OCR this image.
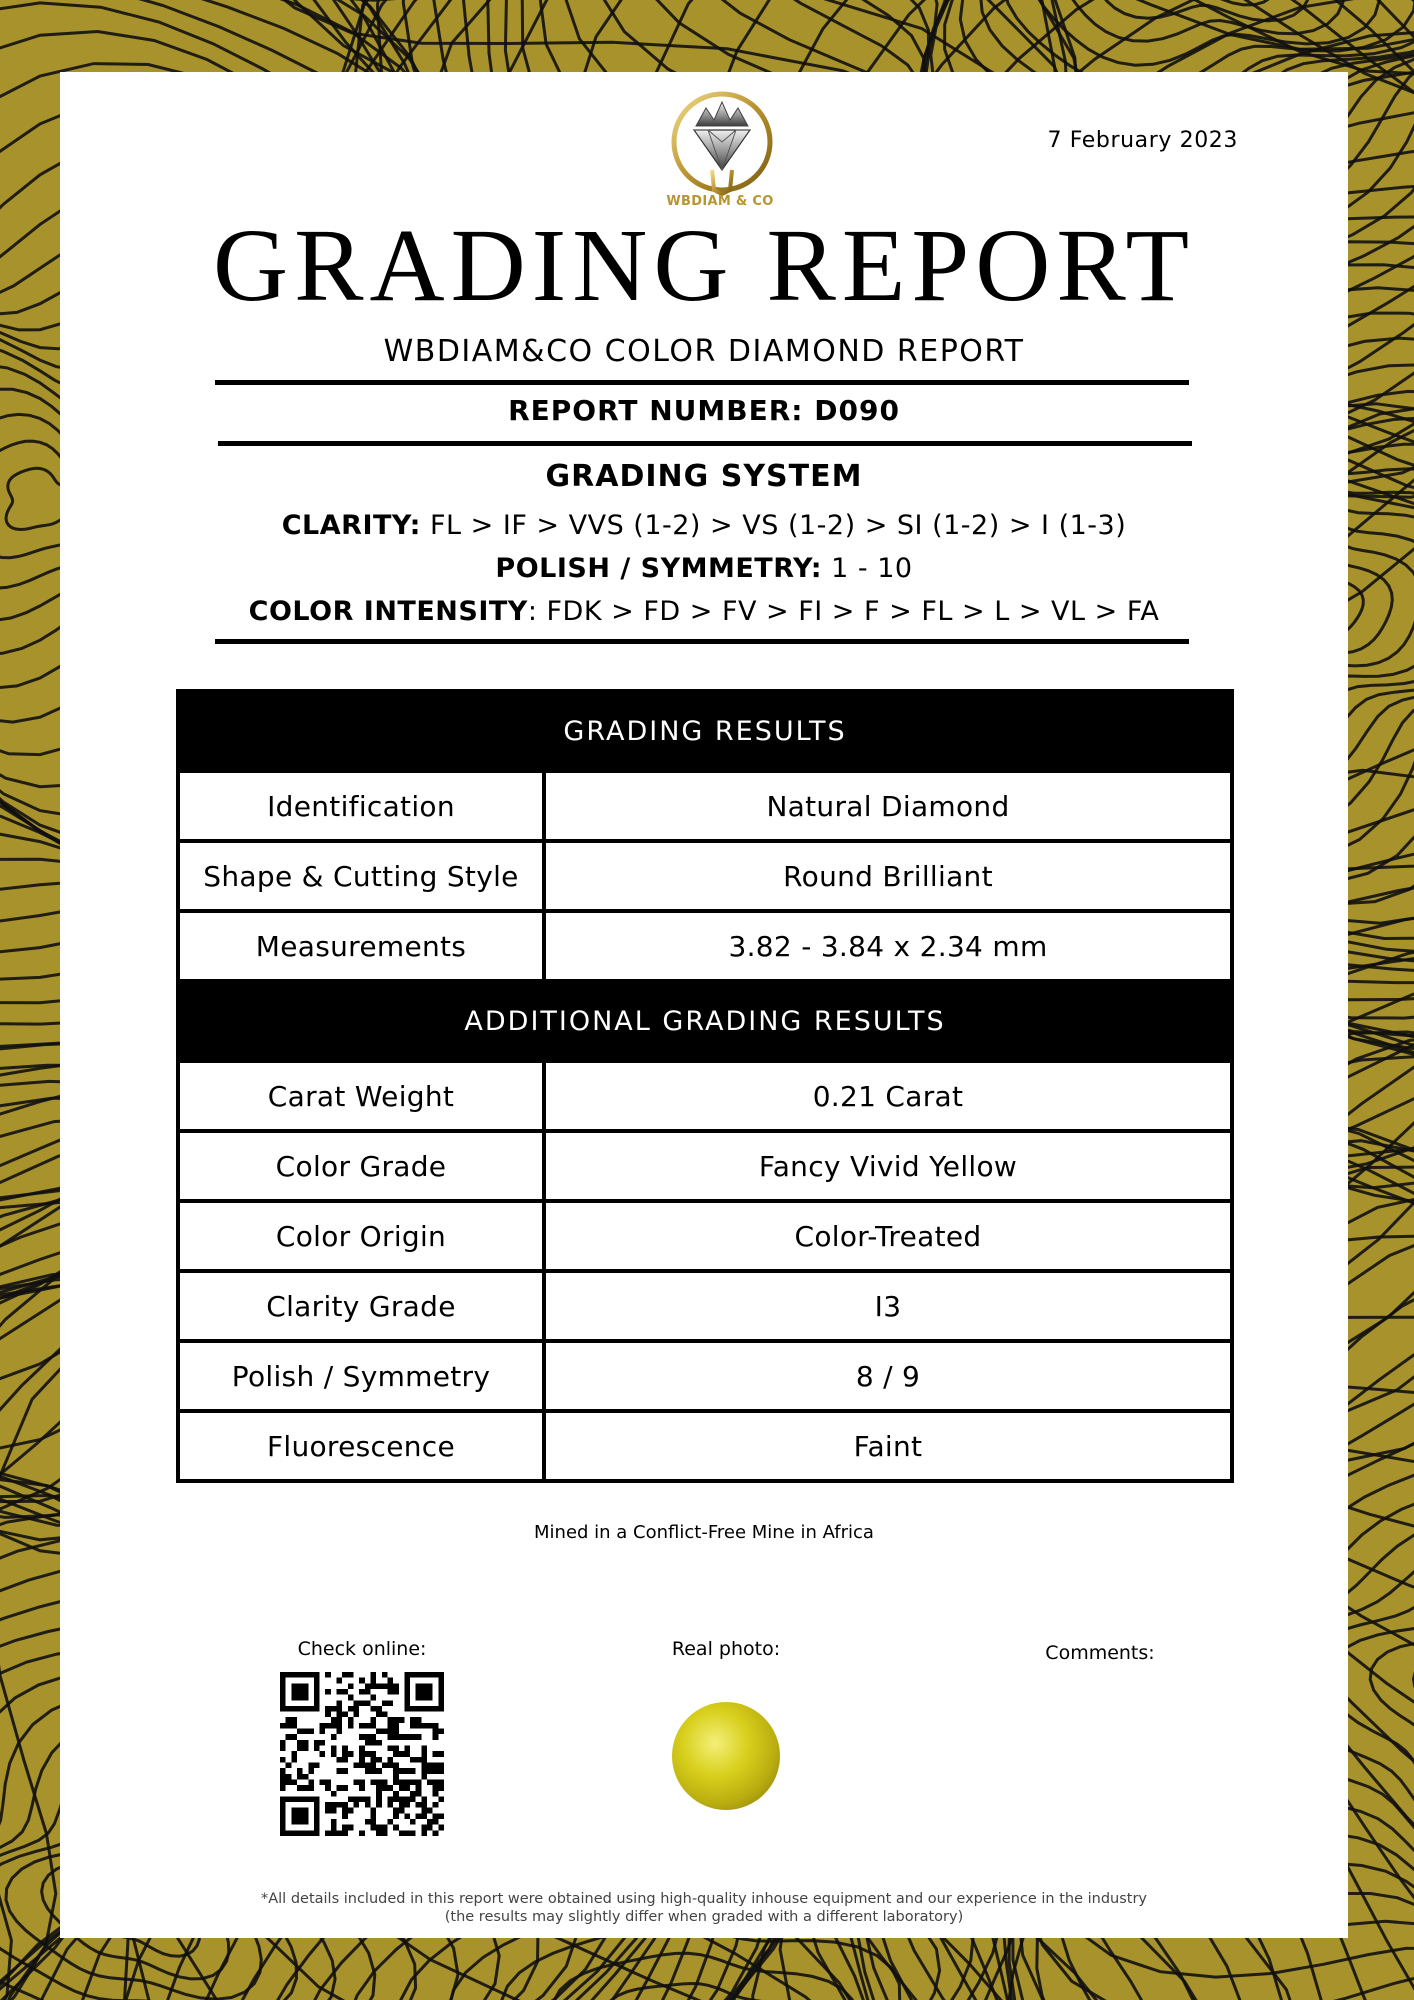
WBDIAM & CO
7 February 2023
GRADING REPORT
WBDIAM&CO COLOR DIAMOND REPORT
REPORT NUMBER: D090
GRADING SYSTEM
CLARITY: FL > IF > VVS (1-2) > VS (1-2) > SI (1-2) > I (1-3)
POLISH / SYMMETRY: 1 - 10
COLOR INTENSITY: FDK > FD > FV > FI > F > FL > L > VL > FA
GRADING RESULTS	
Identification	Natural Diamond
Shape & Cutting Style	Round Brilliant
Measurements	3.82 - 3.84 x 2.34 mm
ADDITIONAL GRADING RESULTS	
Carat Weight	0.21 Carat
Color Grade	Fancy Vivid Yellow
Color Origin	Color-Treated
Clarity Grade	I3
Polish / Symmetry	8 / 9
Fluorescence	Faint
Mined in a Conflict-Free Mine in Africa
Check online:	Real photo:	Comments:
*All details included in this report were obtained using high-quality inhouse equipment and our experience in the industry
(the results may slightly differ when graded with a different laboratory)
